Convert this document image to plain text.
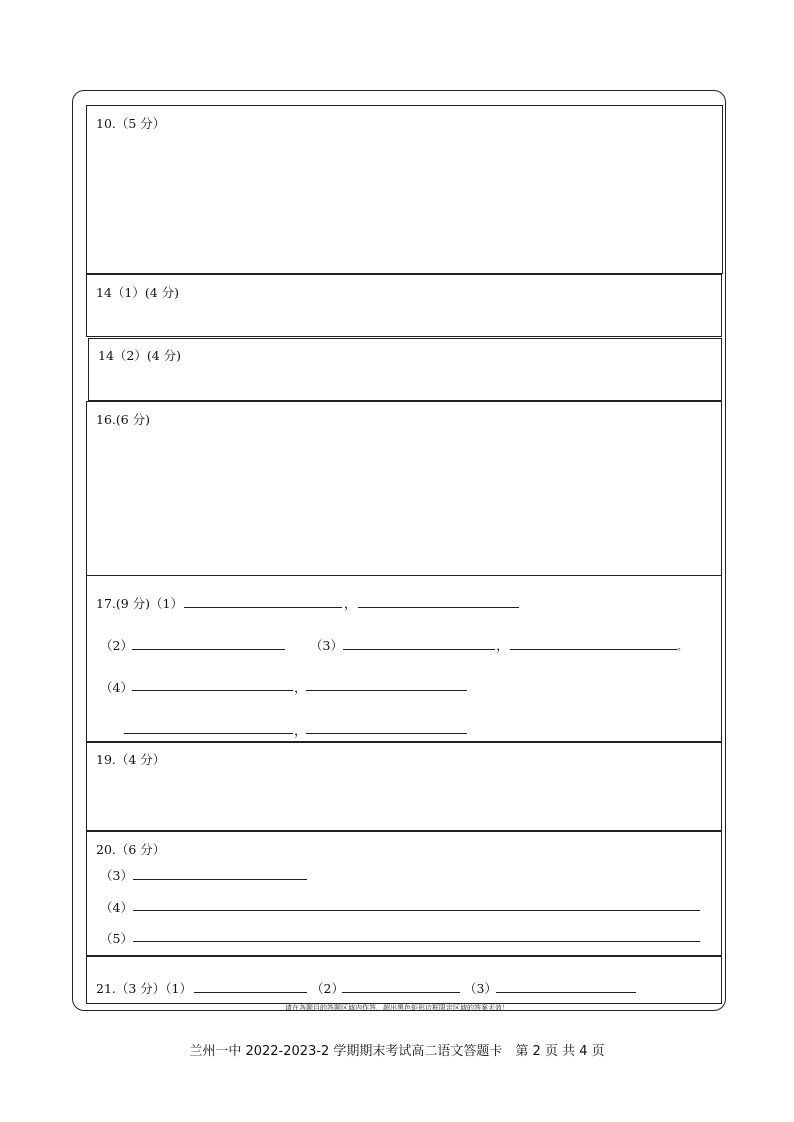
10.（5 分）
14（1）(4 分)
14（2）(4 分)
16.(6 分)
17.(9 分)（1）	，
（2）	（3）	，	。
（4）	，
，
19.（4 分）
20.（6 分）
（3）
（4）
（5）
21.（3 分）（1）	（2）	（3）
请在各题目的答题区域内作答，超出黑色矩形边框限定区域的答案无效！
兰州一中 2022-2023-2 学期期末考试高二语文答题卡　第 2 页 共 4 页
